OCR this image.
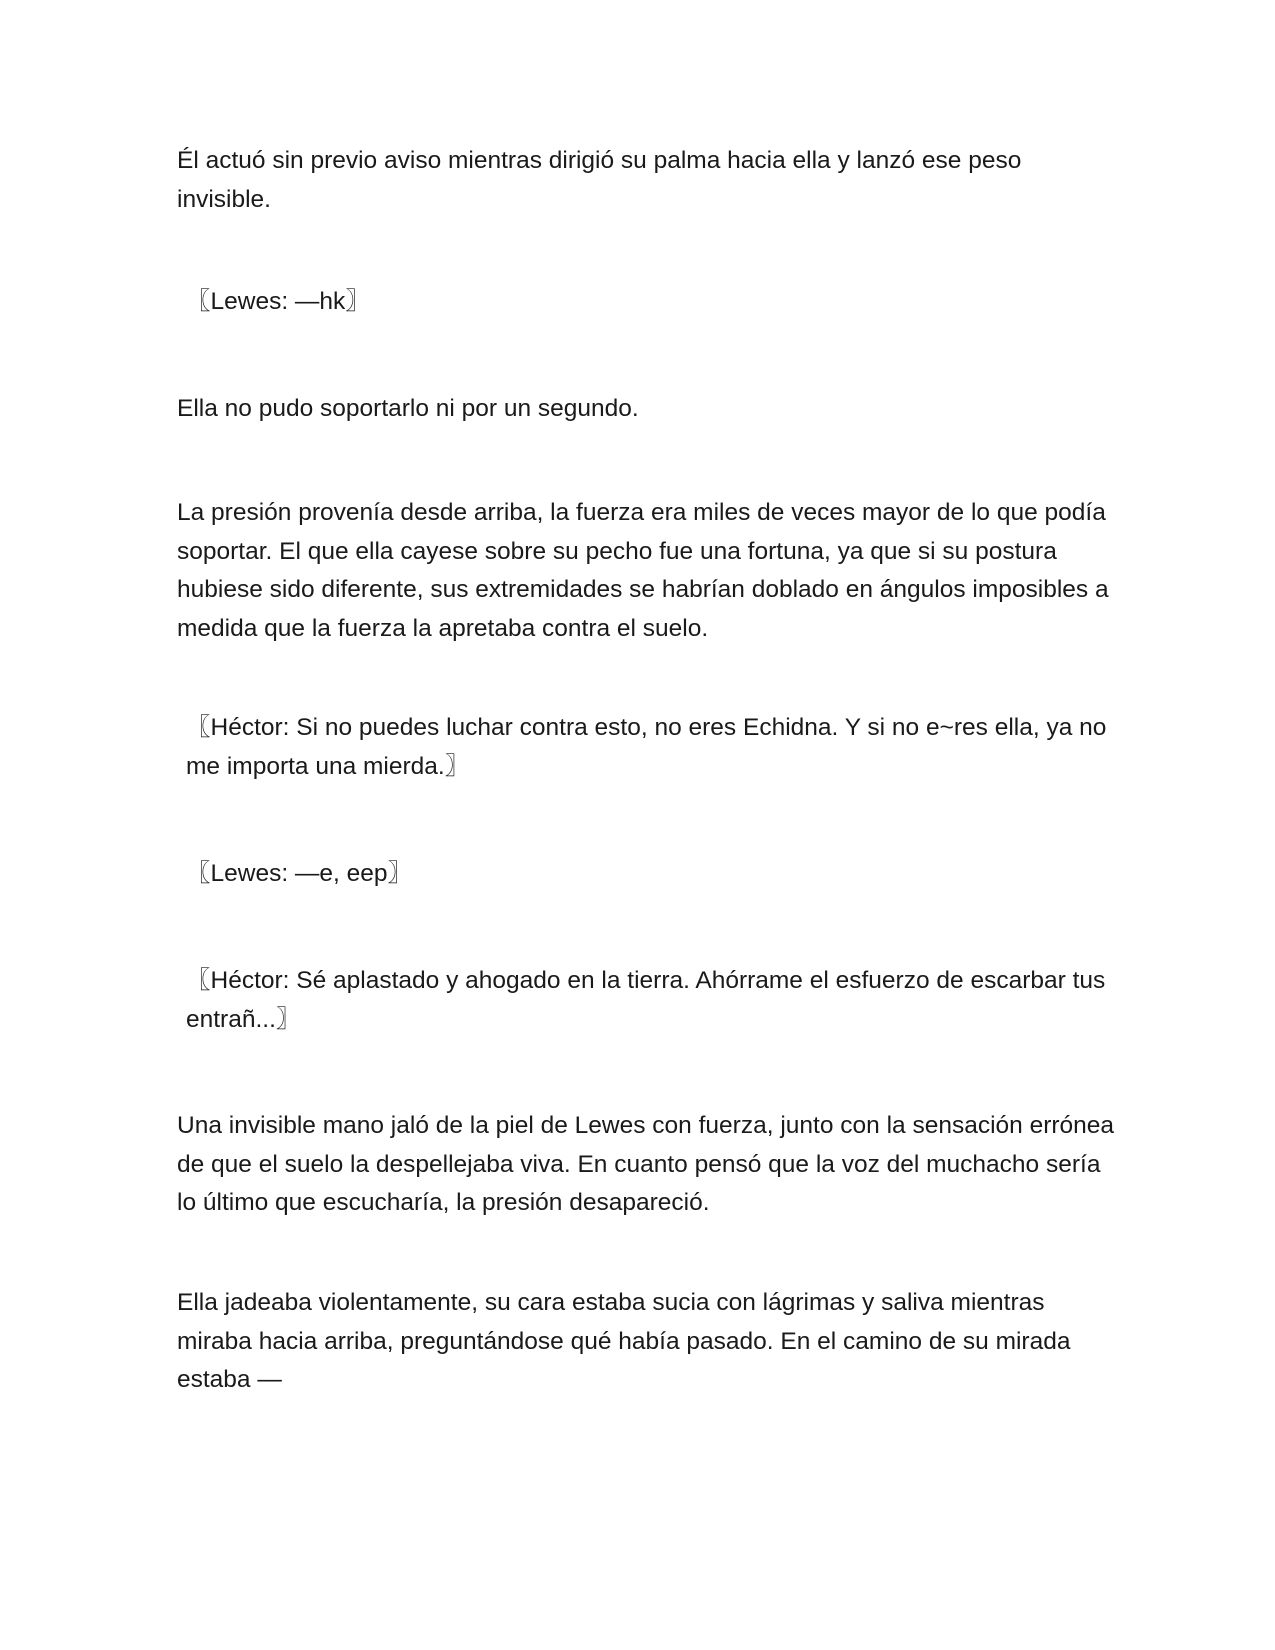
Él actuó sin previo aviso mientras dirigió su palma hacia ella y lanzó ese peso invisible.

〖Lewes: —hk〗

Ella no pudo soportarlo ni por un segundo.

La presión provenía desde arriba, la fuerza era miles de veces mayor de lo que podía soportar. El que ella cayese sobre su pecho fue una fortuna, ya que si su postura hubiese sido diferente, sus extremidades se habrían doblado en ángulos imposibles a medida que la fuerza la apretaba contra el suelo.

〖Héctor: Si no puedes luchar contra esto, no eres Echidna. Y si no e~res ella, ya no me importa una mierda.〗

〖Lewes: —e, eep〗

〖Héctor: Sé aplastado y ahogado en la tierra. Ahórrame el esfuerzo de escarbar tus entrañ...〗

Una invisible mano jaló de la piel de Lewes con fuerza, junto con la sensación errónea de que el suelo la despellejaba viva. En cuanto pensó que la voz del muchacho sería lo último que escucharía, la presión desapareció.

Ella jadeaba violentamente, su cara estaba sucia con lágrimas y saliva mientras miraba hacia arriba, preguntándose qué había pasado. En el camino de su mirada estaba —
